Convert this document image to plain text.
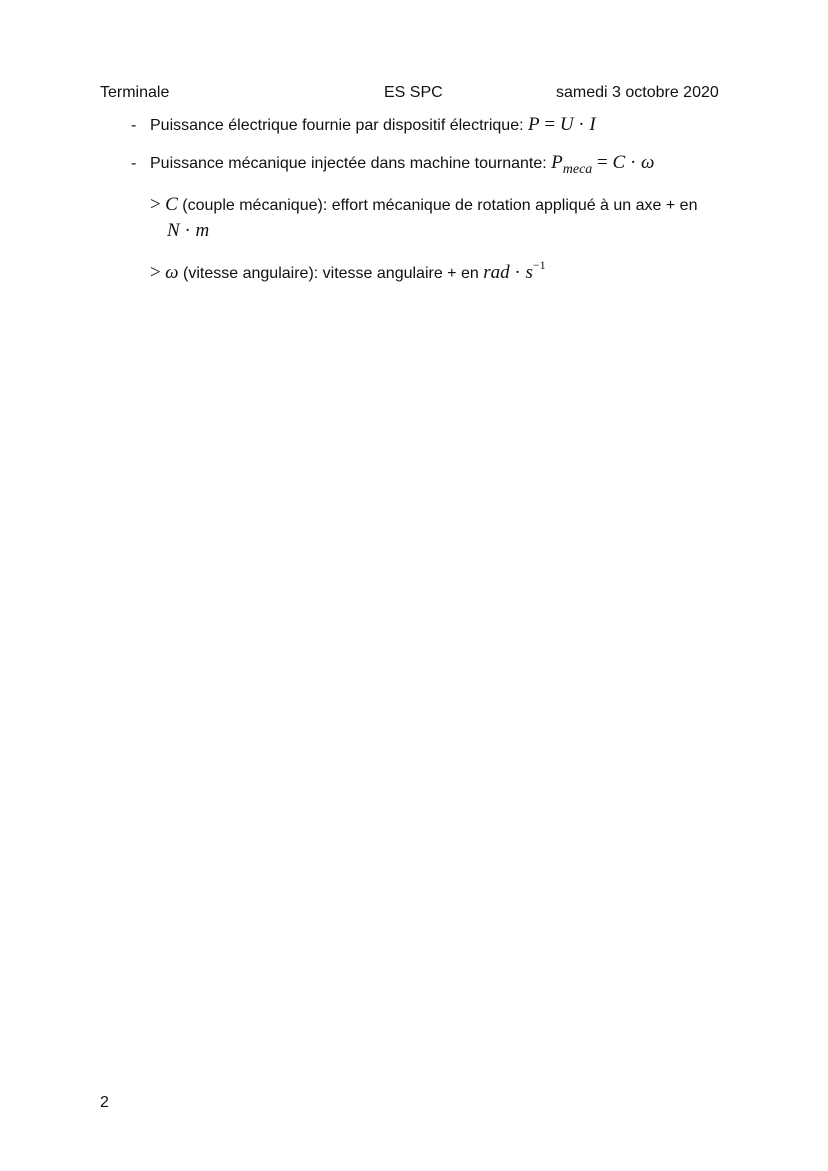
Terminale	ES SPC	samedi 3 octobre 2020
- Puissance électrique fournie par dispositif électrique: P = U · I
- Puissance mécanique injectée dans machine tournante: $P_{meca} = C \cdot \omega$
> C (couple mécanique): effort mécanique de rotation appliqué à un axe + en
N · m
> ω (vitesse angulaire): vitesse angulaire + en rad · $s^{-1}$
2
